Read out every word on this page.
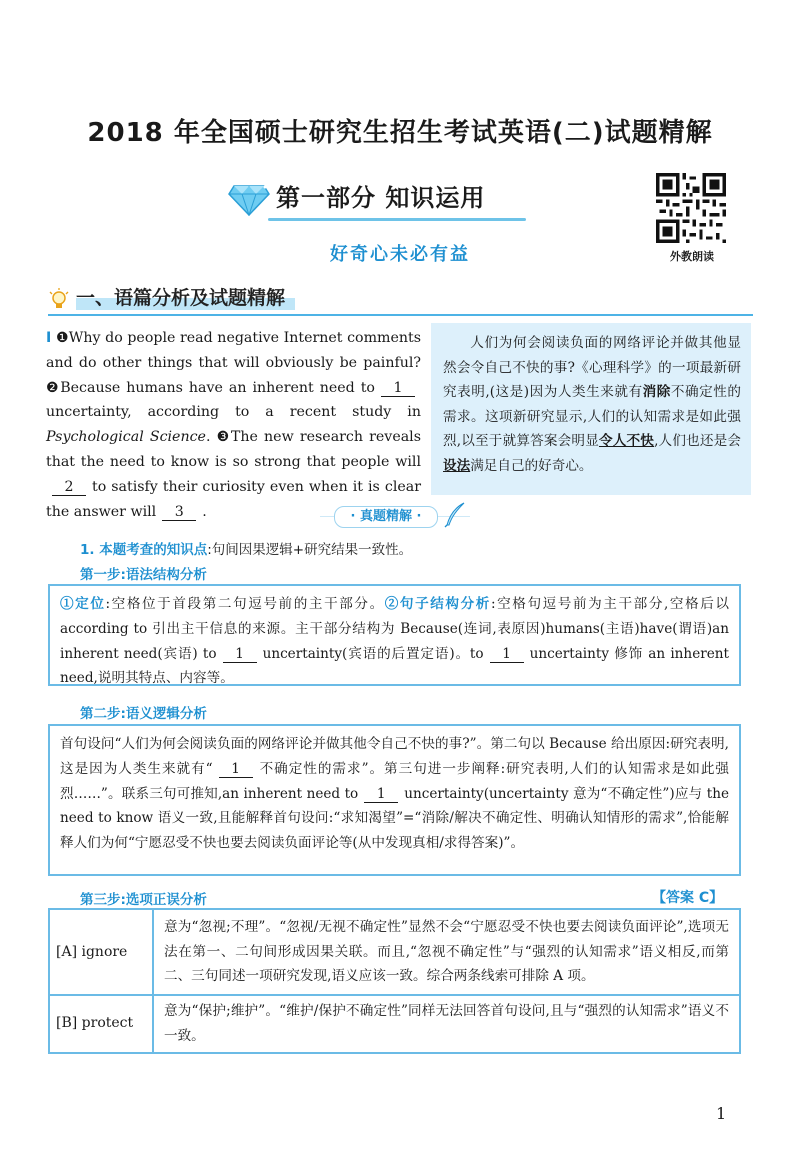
2018 年全国硕士研究生招生考试英语(二)试题精解
第一部分 知识运用
好奇心未必有益	外教朗读
一、语篇分析及试题精解
Ⅰ ❶Why do people read negative Internet comments and do other things that will obviously be painful? ❷Because humans have an inherent need to 1uncertainty, according to a recent study in Psychological Science. ❸The new research reveals that the need to know is so strong that people will2 to satisfy their curiosity even when it is clear the answer will 3 .
人们为何会阅读负面的网络评论并做其他显然会令自己不快的事?《心理科学》的一项最新研究表明,(这是)因为人类生来就有消除不确定性的需求。这项新研究显示,人们的认知需求是如此强烈,以至于就算答案会明显令人不快,人们也还是会设法满足自己的好奇心。
· 真题精解 ·
1. 本题考查的知识点:句间因果逻辑+研究结果一致性。
第一步:语法结构分析
①定位:空格位于首段第二句逗号前的主干部分。②句子结构分析:空格句逗号前为主干部分,空格后以 according to 引出主干信息的来源。主干部分结构为 Because(连词,表原因)humans(主语)have(谓语)an inherent need(宾语) to 1 uncertainty(宾语的后置定语)。to 1 uncertainty 修饰 an inherent need,说明其特点、内容等。
第二步:语义逻辑分析
首句设问“人们为何会阅读负面的网络评论并做其他令自己不快的事?”。第二句以 Because 给出原因:研究表明,这是因为人类生来就有“ 1 不确定性的需求”。第三句进一步阐释:研究表明,人们的认知需求是如此强烈……”。联系三句可推知,an inherent need to 1 uncertainty(uncertainty 意为“不确定性”)应与 the need to know 语义一致,且能解释首句设问:“求知渴望”=“消除/解决不确定性、明确认知情形的需求”,恰能解释人们为何“宁愿忍受不快也要去阅读负面评论等(从中发现真相/求得答案)”。
第三步:选项正误分析	【答案 C】
[A] ignore	意为“忽视;不理”。“忽视/无视不确定性”显然不会“宁愿忍受不快也要去阅读负面评论”,选项无法在第一、二句间形成因果关联。而且,“忽视不确定性”与“强烈的认知需求”语义相反,而第二、三句同述一项研究发现,语义应该一致。综合两条线索可排除 A 项。
[B] protect	意为“保护;维护”。“维护/保护不确定性”同样无法回答首句设问,且与“强烈的认知需求”语义不一致。
1
